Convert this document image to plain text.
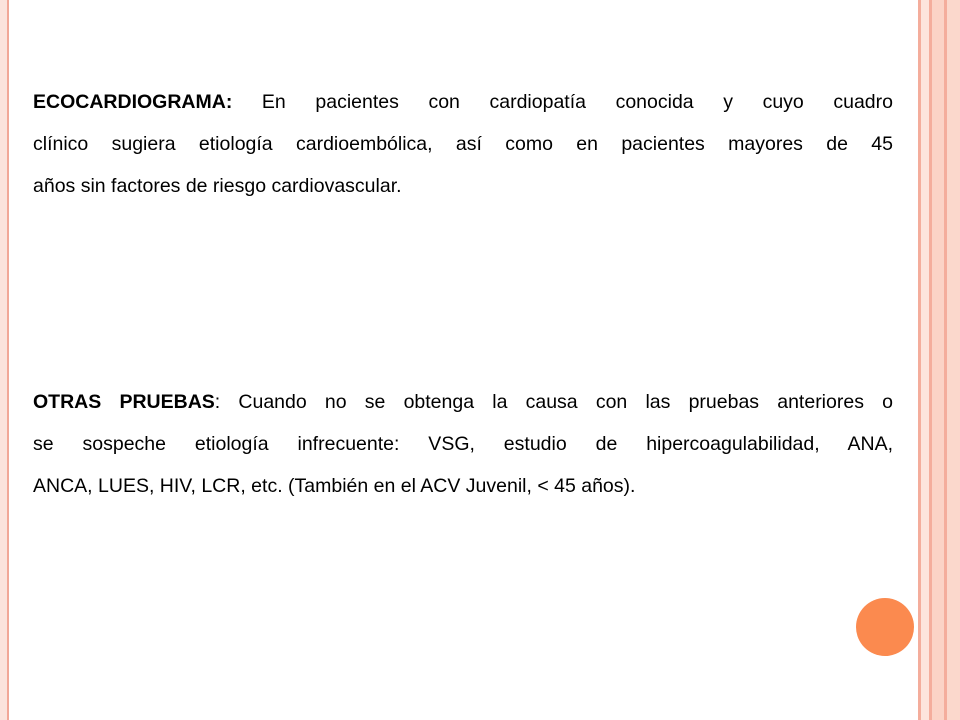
ECOCARDIOGRAMA: En pacientes con cardiopatía conocida y cuyo cuadro
clínico sugiera etiología cardioembólica, así como en pacientes mayores de 45
años sin factores de riesgo cardiovascular.

OTRAS PRUEBAS: Cuando no se obtenga la causa con las pruebas anteriores o
se sospeche etiología infrecuente: VSG, estudio de hipercoagulabilidad, ANA,
ANCA, LUES, HIV, LCR, etc. (También en el ACV Juvenil, < 45 años).
